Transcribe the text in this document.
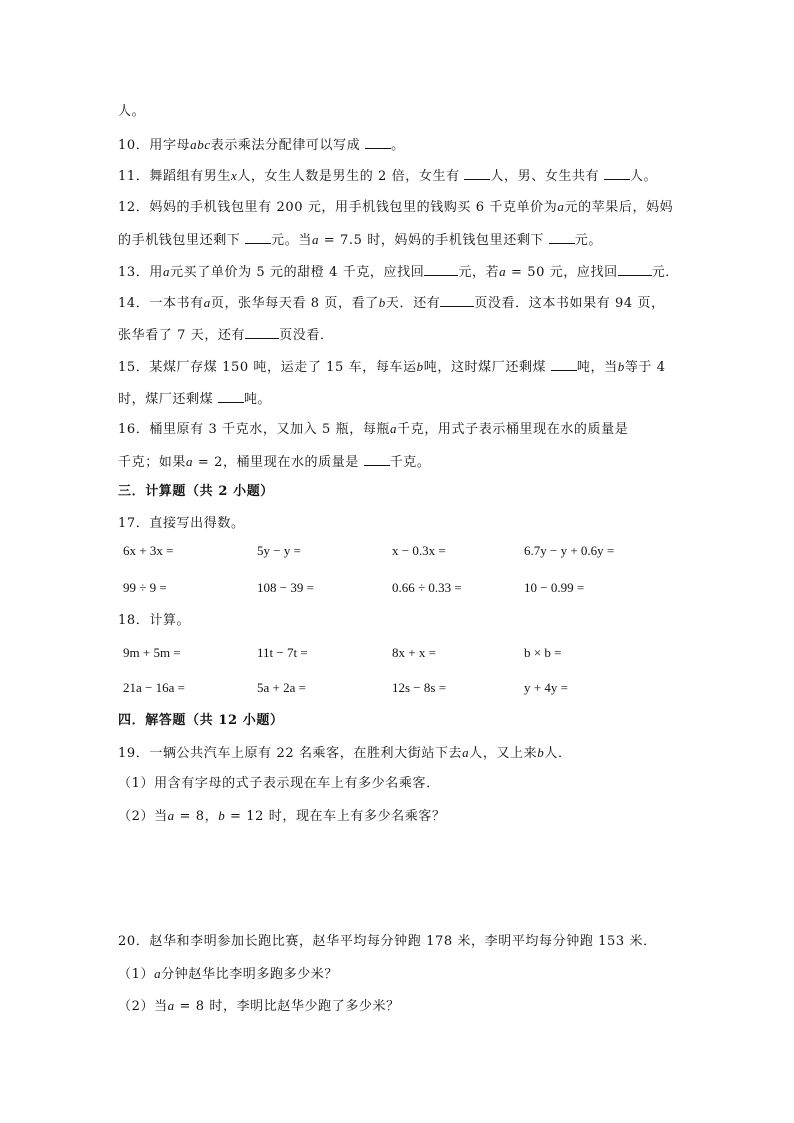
人。
10．用字母abc表示乘法分配律可以写成 。
11．舞蹈组有男生x人，女生人数是男生的 2 倍，女生有 人，男、女生共有 人。
12．妈妈的手机钱包里有 200 元，用手机钱包里的钱购买 6 千克单价为a元的苹果后，妈妈
的手机钱包里还剩下 元。当a = 7.5 时，妈妈的手机钱包里还剩下 元。
13．用a元买了单价为 5 元的甜橙 4 千克，应找回	元，若a = 50 元，应找回	元．
14．一本书有a页，张华每天看 8 页，看了b天．还有	页没看．这本书如果有 94 页，
张华看了 7 天，还有	页没看．
15．某煤厂存煤 150 吨，运走了 15 车，每车运b吨，这时煤厂还剩煤 吨，当b等于 4
时，煤厂还剩煤 吨。
16．桶里原有 3 千克水，又加入 5 瓶，每瓶a千克，用式子表示桶里现在水的质量是
千克；如果a = 2，桶里现在水的质量是 千克。
三．计算题（共 2 小题）
17．直接写出得数。
6x + 3x =	5y − y =	x − 0.3x =	6.7y − y + 0.6y =
99 ÷ 9 =	108 − 39 =	0.66 ÷ 0.33 =	10 − 0.99 =
18．计算。
9m + 5m =	11t − 7t =	8x + x =	b × b =
21a − 16a =	5a + 2a =	12s − 8s =	y + 4y =
四．解答题（共 12 小题）
19．一辆公共汽车上原有 22 名乘客，在胜利大街站下去a人，又上来b人．
（1）用含有字母的式子表示现在车上有多少名乘客．
（2）当a = 8，b = 12 时，现在车上有多少名乘客？
20．赵华和李明参加长跑比赛，赵华平均每分钟跑 178 米，李明平均每分钟跑 153 米．
（1）a分钟赵华比李明多跑多少米？
（2）当a = 8 时，李明比赵华少跑了多少米？
